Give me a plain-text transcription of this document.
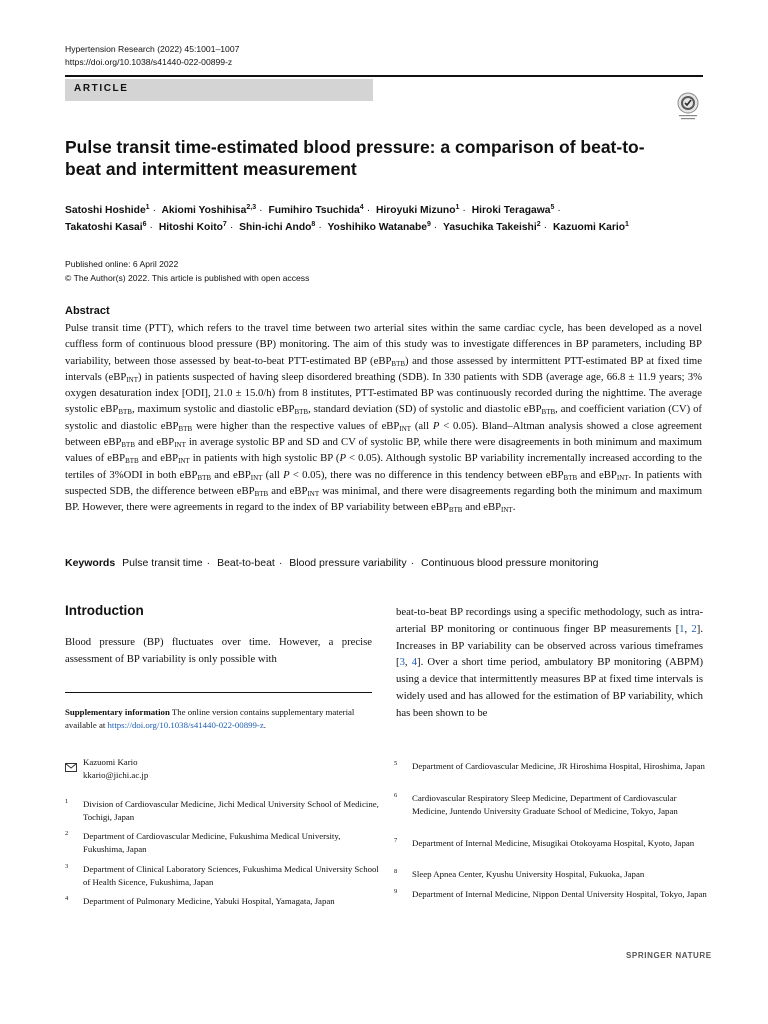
Hypertension Research (2022) 45:1001–1007
https://doi.org/10.1038/s41440-022-00899-z
ARTICLE
Pulse transit time-estimated blood pressure: a comparison of beat-to-beat and intermittent measurement
Satoshi Hoshide$^1$ · Akiomi Yoshihisa$^{2,3}$ · Fumihiro Tsuchida$^4$ · Hiroyuki Mizuno$^1$ · Hiroki Teragawa$^5$ ·
Takatoshi Kasai$^6$ · Hitoshi Koito$^7$ · Shin-ichi Ando$^8$ · Yoshihiko Watanabe$^9$ · Yasuchika Takeishi$^2$ · Kazuomi Kario$^1$
Published online: 6 April 2022
© The Author(s) 2022. This article is published with open access
Abstract

Pulse transit time (PTT), which refers to the travel time between two arterial sites within the same cardiac cycle, has been developed as a novel cuffless form of continuous blood pressure (BP) monitoring. The aim of this study was to investigate differences in BP parameters, including BP variability, between those assessed by beat-to-beat PTT-estimated BP (eBP$_{BTB}$) and those assessed by intermittent PTT-estimated BP at fixed time intervals (eBP$_{INT}$) in patients suspected of having sleep disordered breathing (SDB). In 330 patients with SDB (average age, 66.8 ± 11.9 years; 3% oxygen desaturation index [ODI], 21.0 ± 15.0/h) from 8 institutes, PTT-estimated BP was continuously recorded during the nighttime. The average systolic eBP$_{BTB}$, maximum systolic and diastolic eBP$_{BTB}$, standard deviation (SD) of systolic and diastolic eBP$_{BTB}$, and coefficient variation (CV) of systolic and diastolic eBP$_{BTB}$ were higher than the respective values of eBP$_{INT}$ (all P < 0.05). Bland–Altman analysis showed a close agreement between eBP$_{BTB}$ and eBP$_{INT}$ in average systolic BP and SD and CV of systolic BP, while there were disagreements in both minimum and maximum values of eBP$_{BTB}$ and eBP$_{INT}$ in patients with high systolic BP (P < 0.05). Although systolic BP variability incrementally increased according to the tertiles of 3%ODI in both eBP$_{BTB}$ and eBP$_{INT}$ (all P < 0.05), there was no difference in this tendency between eBP$_{BTB}$ and eBP$_{INT}$. In patients with suspected SDB, the difference between eBP$_{BTB}$ and eBP$_{INT}$ was minimal, and there were disagreements regarding both the minimum and maximum BP. However, there were agreements in regard to the index of BP variability between eBP$_{BTB}$ and eBP$_{INT}$.

Keywords Pulse transit time · Beat-to-beat · Blood pressure variability · Continuous blood pressure monitoring
Introduction

Blood pressure (BP) fluctuates over time. However, a precise assessment of BP variability is only possible with

beat-to-beat BP recordings using a specific methodology, such as intra-arterial BP monitoring or continuous finger BP measurements [1, 2]. Increases in BP variability can be observed across various timeframes [3, 4]. Over a short time period, ambulatory BP monitoring (ABPM) using a device that intermittently measures BP at fixed time intervals is widely used and has allowed for the estimation of BP variability, which has been shown to be

Supplementary information The online version contains supplementary material available at https://doi.org/10.1038/s41440-022-00899-z.
Kazuomi Kario
kkario@jichi.ac.jp
1 Division of Cardiovascular Medicine, Jichi Medical University School of Medicine, Tochigi, Japan
2 Department of Cardiovascular Medicine, Fukushima Medical University, Fukushima, Japan
3 Department of Clinical Laboratory Sciences, Fukushima Medical University School of Health Sicence, Fukushima, Japan
4 Department of Pulmonary Medicine, Yabuki Hospital, Yamagata, Japan
5 Department of Cardiovascular Medicine, JR Hiroshima Hospital, Hiroshima, Japan
6 Cardiovascular Respiratory Sleep Medicine, Department of Cardiovascular Medicine, Juntendo University Graduate School of Medicine, Tokyo, Japan
7 Department of Internal Medicine, Misugikai Otokoyama Hospital, Kyoto, Japan
8 Sleep Apnea Center, Kyushu University Hospital, Fukuoka, Japan
9 Department of Internal Medicine, Nippon Dental University Hospital, Tokyo, Japan
SPRINGER NATURE
